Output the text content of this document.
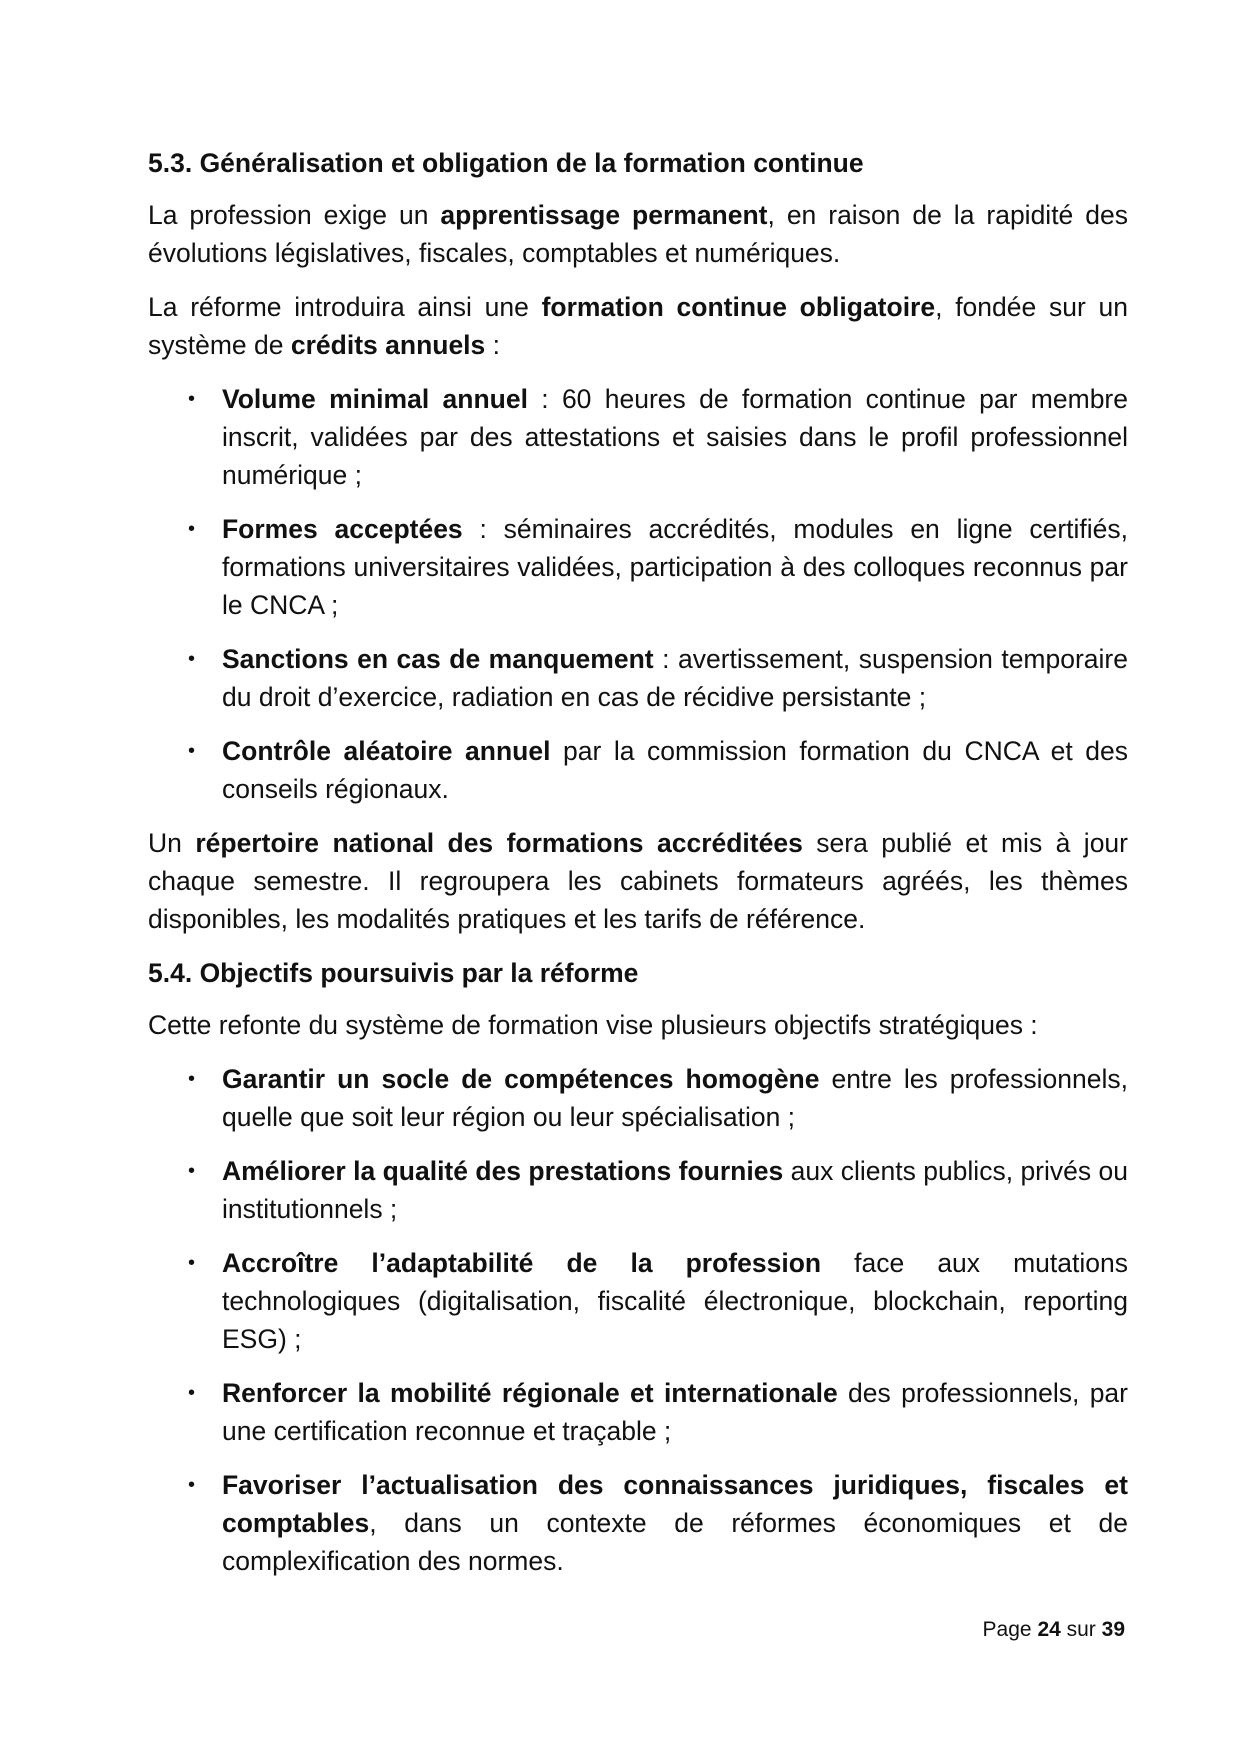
5.3. Généralisation et obligation de la formation continue

La profession exige un apprentissage permanent, en raison de la rapidité des évolutions législatives, fiscales, comptables et numériques.

La réforme introduira ainsi une formation continue obligatoire, fondée sur un système de crédits annuels :

• Volume minimal annuel : 60 heures de formation continue par membre inscrit, validées par des attestations et saisies dans le profil professionnel numérique ;
• Formes acceptées : séminaires accrédités, modules en ligne certifiés, formations universitaires validées, participation à des colloques reconnus par le CNCA ;
• Sanctions en cas de manquement : avertissement, suspension temporaire du droit d’exercice, radiation en cas de récidive persistante ;
• Contrôle aléatoire annuel par la commission formation du CNCA et des conseils régionaux.

Un répertoire national des formations accréditées sera publié et mis à jour chaque semestre. Il regroupera les cabinets formateurs agréés, les thèmes disponibles, les modalités pratiques et les tarifs de référence.

5.4. Objectifs poursuivis par la réforme

Cette refonte du système de formation vise plusieurs objectifs stratégiques :

• Garantir un socle de compétences homogène entre les professionnels, quelle que soit leur région ou leur spécialisation ;
• Améliorer la qualité des prestations fournies aux clients publics, privés ou institutionnels ;
• Accroître l’adaptabilité de la profession face aux mutations technologiques (digitalisation, fiscalité électronique, blockchain, reporting ESG) ;
• Renforcer la mobilité régionale et internationale des professionnels, par une certification reconnue et traçable ;
• Favoriser l’actualisation des connaissances juridiques, fiscales et comptables, dans un contexte de réformes économiques et de complexification des normes.
Page 24 sur 39
